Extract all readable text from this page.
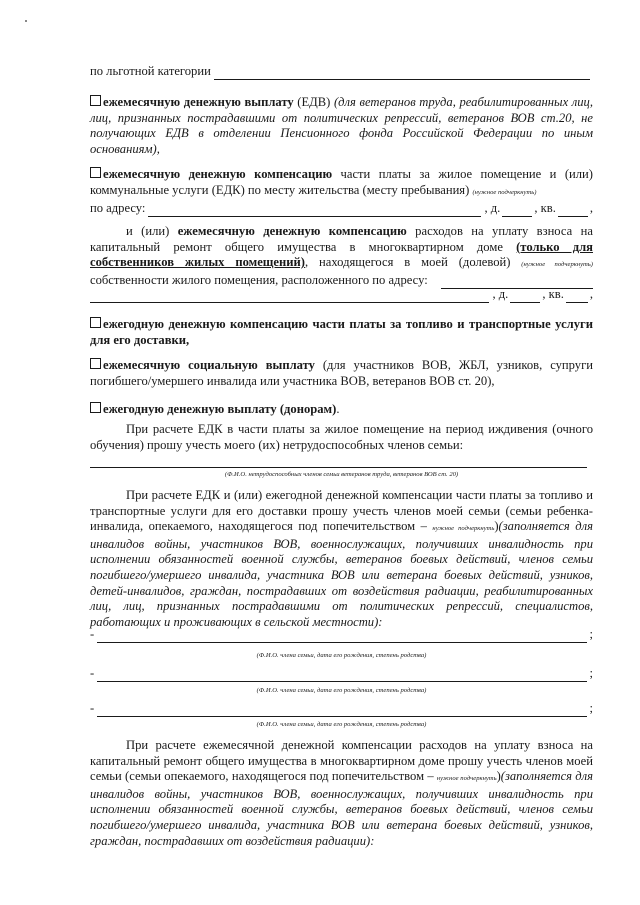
по льготной категории

ежемесячную денежную выплату (ЕДВ) (для ветеранов труда, реабилитированных лиц, лиц, признанных пострадавшими от политических репрессий, ветеранов ВОВ ст.20, не получающих ЕДВ в отделении Пенсионного фонда Российской Федерации по иным основаниям),

ежемесячную денежную компенсацию части платы за жилое помещение и (или) коммунальные услуги (ЕДК) по месту жительства (месту пребывания) (нужное подчеркнуть)

по адресу:	, д.	, кв.	,

и (или) ежемесячную денежную компенсацию расходов на уплату взноса на капитальный ремонт общего имущества в многоквартирном доме (только для собственников жилых помещений), находящегося в моей (долевой) (нужное подчеркнуть) собственности жилого помещения, расположенного по адресу:

, д.	, кв. ,

ежегодную денежную компенсацию части платы за топливо и транспортные услуги для его доставки,

ежемесячную социальную выплату (для участников ВОВ, ЖБЛ, узников, супруги погибшего/умершего инвалида или участника ВОВ, ветеранов ВОВ ст. 20),

ежегодную денежную выплату (донорам).

При расчете ЕДК в части платы за жилое помещение на период иждивения (очного обучения) прошу учесть моего (их) нетрудоспособных членов семьи:

(Ф.И.О. нетрудоспособных членов семьи ветеранов труда, ветеранов ВОВ ст. 20)

При расчете ЕДК и (или) ежегодной денежной компенсации части платы за топливо и транспортные услуги для его доставки прошу учесть членов моей семьи (семьи ребенка-инвалида, опекаемого, находящегося под попечительством – нужное подчеркнуть)(заполняется для инвалидов войны, участников ВОВ, военнослужащих, получивших инвалидность при исполнении обязанностей военной службы, ветеранов боевых действий, членов семьи погибшего/умершего инвалида, участника ВОВ или ветерана боевых действий, узников, детей-инвалидов, граждан, пострадавших от воздействия радиации, реабилитированных лиц, лиц, признанных пострадавшими от политических репрессий, специалистов, работающих и проживающих в сельской местности):

-	;
(Ф.И.О. члена семьи, дата его рождения, степень родства)
-	;
(Ф.И.О. члена семьи, дата его рождения, степень родства)
-	;
(Ф.И.О. члена семьи, дата его рождения, степень родства)

При расчете ежемесячной денежной компенсации расходов на уплату взноса на капитальный ремонт общего имущества в многоквартирном доме прошу учесть членов моей семьи (семьи опекаемого, находящегося под попечительством – нужное подчеркнуть)(заполняется для инвалидов войны, участников ВОВ, военнослужащих, получивших инвалидность при исполнении обязанностей военной службы, ветеранов боевых действий, членов семьи погибшего/умершего инвалида, участника ВОВ или ветерана боевых действий, узников, граждан, пострадавших от воздействия радиации):
